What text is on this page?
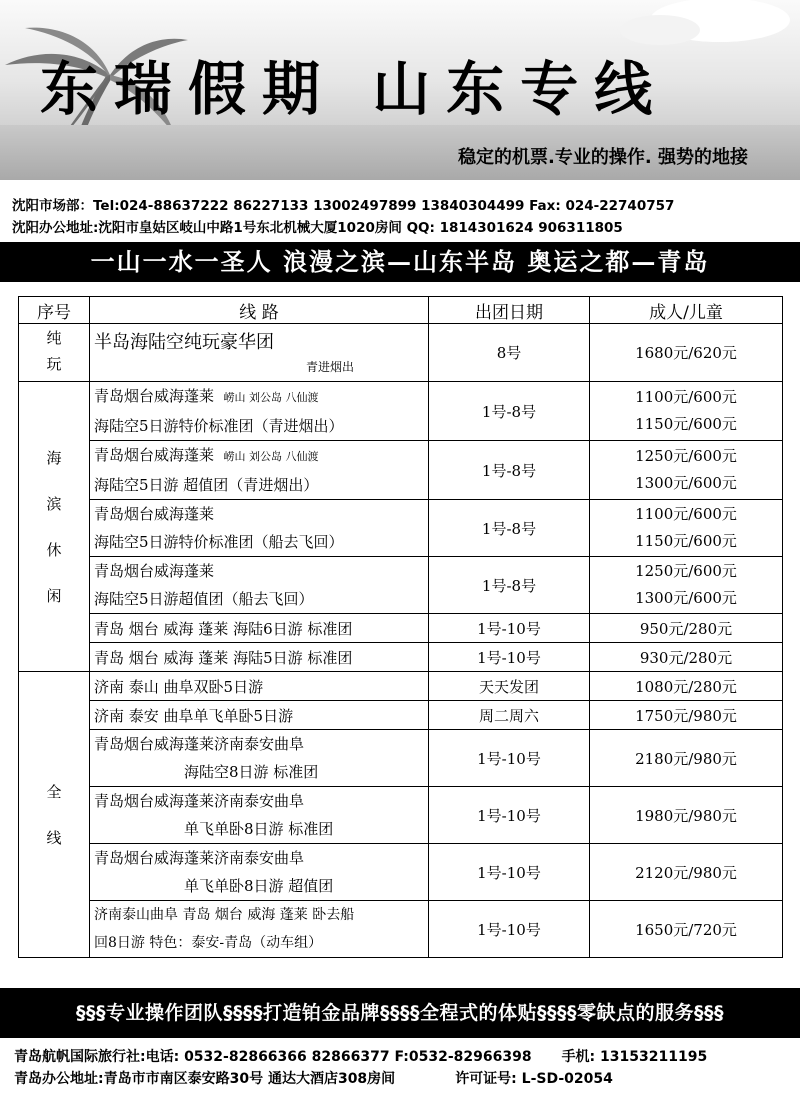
东瑞假期 山东专线
稳定的机票.专业的操作. 强势的地接
沈阳市场部：Tel:024-88637222 86227133 13002497899 13840304499 Fax: 024-22740757
沈阳办公地址:沈阳市皇姑区岐山中路1号东北机械大厦1020房间 QQ: 1814301624 906311805
一山一水一圣人 浪漫之滨—山东半岛 奥运之都—青岛
序号	线 路	出团日期	成人/儿童
纯玩	半岛海陆空纯玩豪华团
青进烟出	8号	1680元/620元
海滨休闲	青岛烟台威海蓬莱 崂山 刘公岛 八仙渡
海陆空5日游特价标准团（青进烟出）	1号-8号	1100元/600元
1150元/600元

	青岛烟台威海蓬莱 崂山 刘公岛 八仙渡
海陆空5日游 超值团（青进烟出）	1号-8号	1250元/600元
1300元/600元

	青岛烟台威海蓬莱
海陆空5日游特价标准团（船去飞回）	1号-8号	1100元/600元
1150元/600元

	青岛烟台威海蓬莱
海陆空5日游超值团（船去飞回）	1号-8号	1250元/600元
1300元/600元

	青岛 烟台 威海 蓬莱 海陆6日游 标准团	1号-10号	950元/280元
	青岛 烟台 威海 蓬莱 海陆5日游 标准团	1号-10号	930元/280元
全线	济南 泰山 曲阜双卧5日游	天天发团	1080元/280元
	济南 泰安 曲阜单飞单卧5日游	周二周六	1750元/980元

	青岛烟台威海蓬莱济南泰安曲阜
海陆空8日游 标准团	1号-10号	2180元/980元

	青岛烟台威海蓬莱济南泰安曲阜
单飞单卧8日游 标准团	1号-10号	1980元/980元

	青岛烟台威海蓬莱济南泰安曲阜
单飞单卧8日游 超值团	1号-10号	2120元/980元

	济南泰山曲阜 青岛 烟台 威海 蓬莱 卧去船
回8日游 特色：泰安-青岛（动车组）	1号-10号	1650元/720元
§§§专业操作团队§§§§打造铂金品牌§§§§全程式的体贴§§§§零缺点的服务§§§
青岛航帆国际旅行社:电话: 0532-82866366 82866377 F:0532-82966398 手机: 13153211195
青岛办公地址:青岛市市南区泰安路30号 通达大酒店308房间	许可证号: L-SD-02054
